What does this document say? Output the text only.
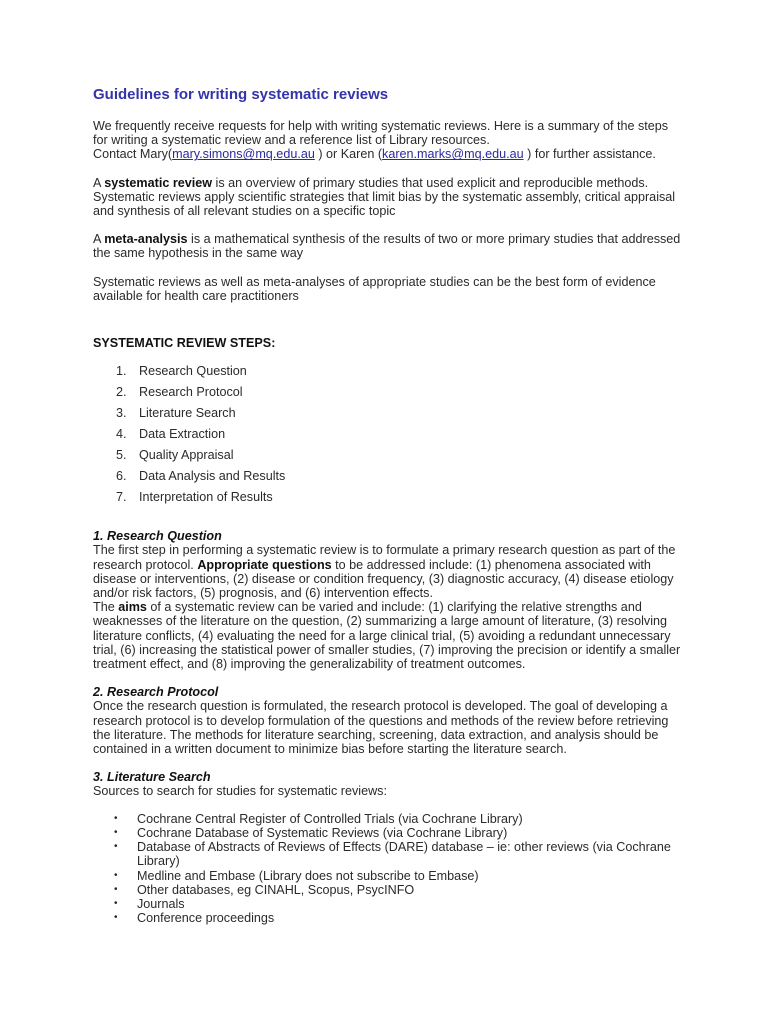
Guidelines for writing systematic reviews

We frequently receive requests for help with writing systematic reviews. Here is a summary of the steps for writing a systematic review and a reference list of Library resources.

Contact Mary(mary.simons@mq.edu.au ) or Karen (karen.marks@mq.edu.au ) for further assistance.

A systematic review is an overview of primary studies that used explicit and reproducible methods. Systematic reviews apply scientific strategies that limit bias by the systematic assembly, critical appraisal and synthesis of all relevant studies on a specific topic

A meta-analysis is a mathematical synthesis of the results of two or more primary studies that addressed the same hypothesis in the same way

Systematic reviews as well as meta-analyses of appropriate studies can be the best form of evidence available for health care practitioners

SYSTEMATIC REVIEW STEPS:
1. Research Question
2. Research Protocol
3. Literature Search
4. Data Extraction
5. Quality Appraisal
6. Data Analysis and Results
7. Interpretation of Results
1. Research Question

The first step in performing a systematic review is to formulate a primary research question as part of the research protocol. Appropriate questions to be addressed include: (1) phenomena associated with disease or interventions, (2) disease or condition frequency, (3) diagnostic accuracy, (4) disease etiology and/or risk factors, (5) prognosis, and (6) intervention effects.

The aims of a systematic review can be varied and include: (1) clarifying the relative strengths and weaknesses of the literature on the question, (2) summarizing a large amount of literature, (3) resolving literature conflicts, (4) evaluating the need for a large clinical trial, (5) avoiding a redundant unnecessary trial, (6) increasing the statistical power of smaller studies, (7) improving the precision or identify a smaller treatment effect, and (8) improving the generalizability of treatment outcomes.

2. Research Protocol

Once the research question is formulated, the research protocol is developed. The goal of developing a research protocol is to develop formulation of the questions and methods of the review before retrieving the literature. The methods for literature searching, screening, data extraction, and analysis should be contained in a written document to minimize bias before starting the literature search.

3. Literature Search

Sources to search for studies for systematic reviews:

•	Cochrane Central Register of Controlled Trials (via Cochrane Library)
•	Cochrane Database of Systematic Reviews (via Cochrane Library)
•	Database of Abstracts of Reviews of Effects (DARE) database – ie: other reviews (via Cochrane Library)
•	Medline and Embase (Library does not subscribe to Embase)
•	Other databases, eg CINAHL, Scopus, PsycINFO
•	Journals
•	Conference proceedings
